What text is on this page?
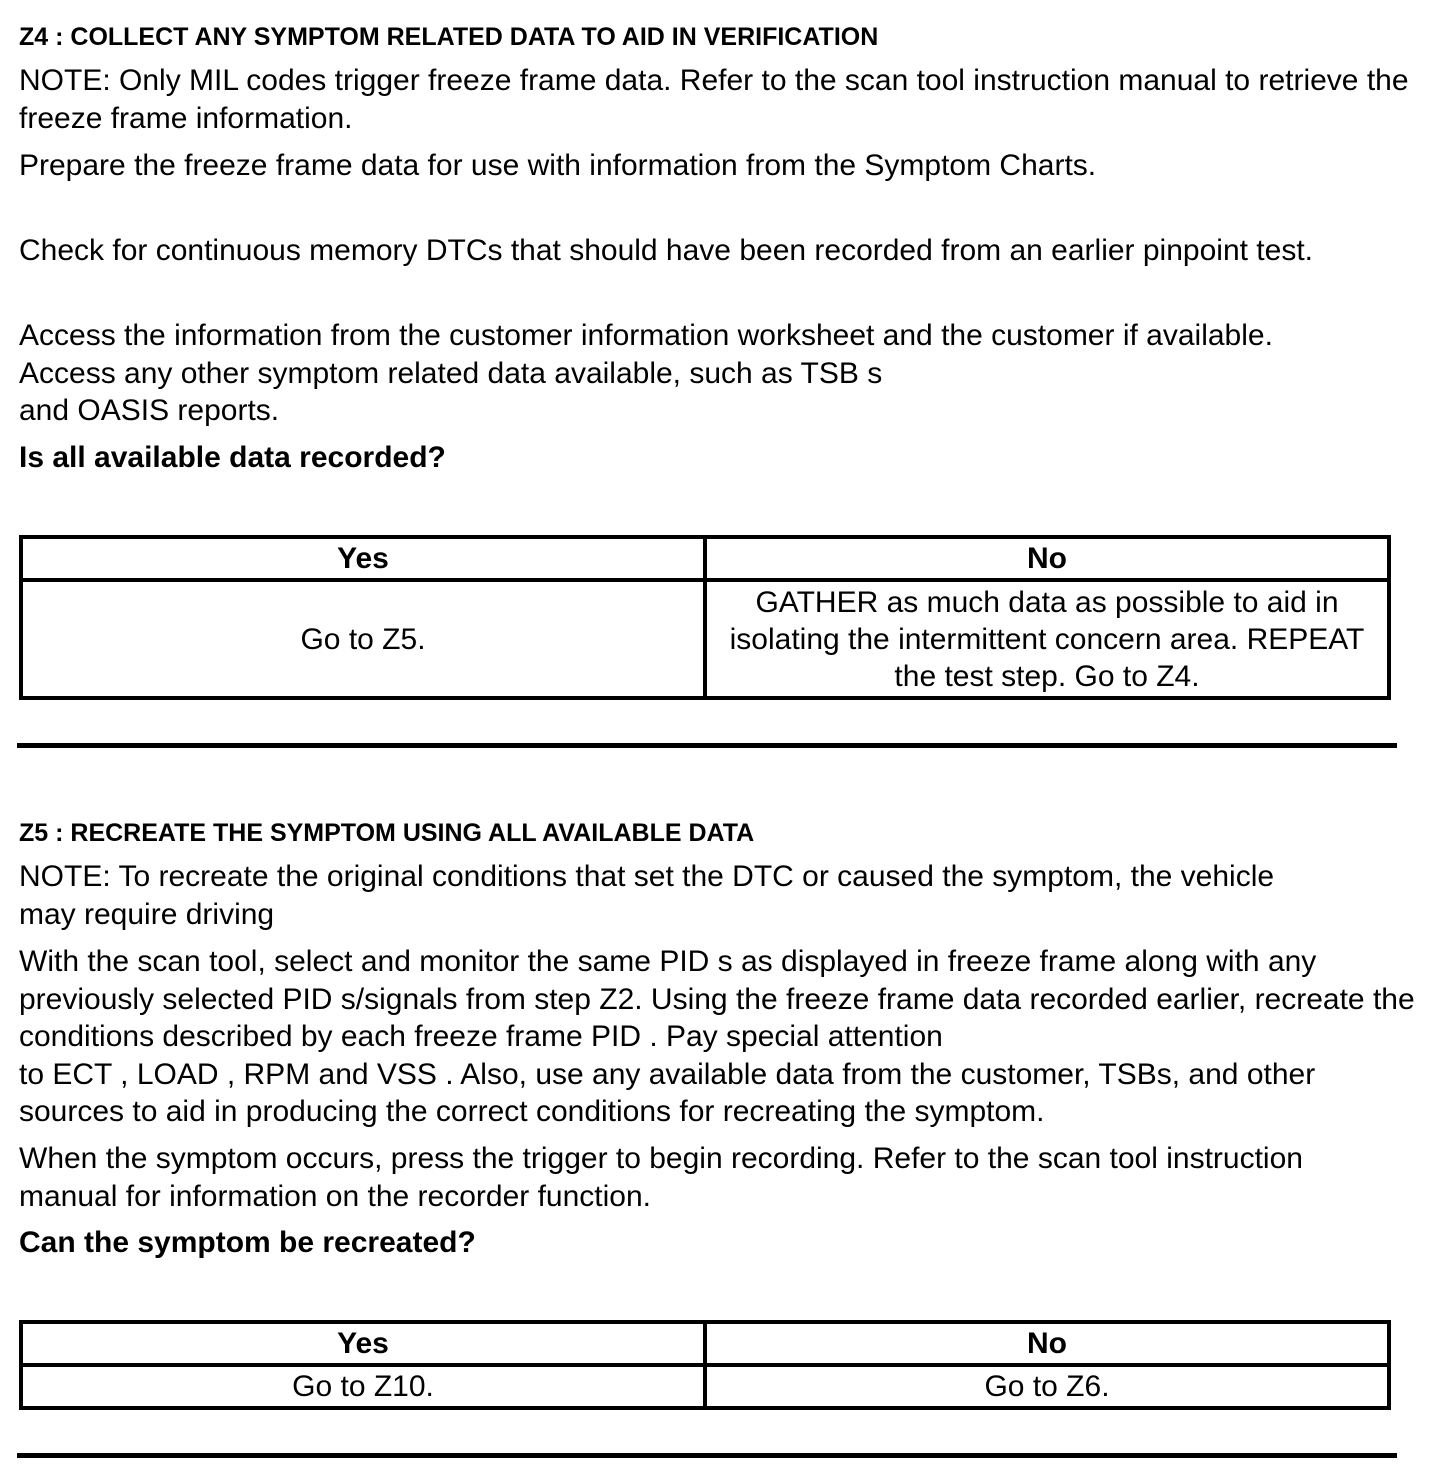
Z4 : COLLECT ANY SYMPTOM RELATED DATA TO AID IN VERIFICATION

NOTE: Only MIL codes trigger freeze frame data. Refer to the scan tool instruction manual to retrieve the freeze frame information.

Prepare the freeze frame data for use with information from the Symptom Charts.

Check for continuous memory DTCs that should have been recorded from an earlier pinpoint test.

Access the information from the customer information worksheet and the customer if available. Access any other symptom related data available, such as TSB s
and OASIS reports.

Is all available data recorded?

Yes	No
Go to Z5.	GATHER as much data as possible to aid in isolating the intermittent concern area. REPEAT the test step. Go to Z4.
Z5 : RECREATE THE SYMPTOM USING ALL AVAILABLE DATA

NOTE: To recreate the original conditions that set the DTC or caused the symptom, the vehicle may require driving

With the scan tool, select and monitor the same PID s as displayed in freeze frame along with any previously selected PID s/signals from step Z2. Using the freeze frame data recorded earlier, recreate the conditions described by each freeze frame PID . Pay special attention
to ECT , LOAD , RPM and VSS . Also, use any available data from the customer, TSBs, and other sources to aid in producing the correct conditions for recreating the symptom.

When the symptom occurs, press the trigger to begin recording. Refer to the scan tool instruction manual for information on the recorder function.

Can the symptom be recreated?

Yes	No
Go to Z10.	Go to Z6.
